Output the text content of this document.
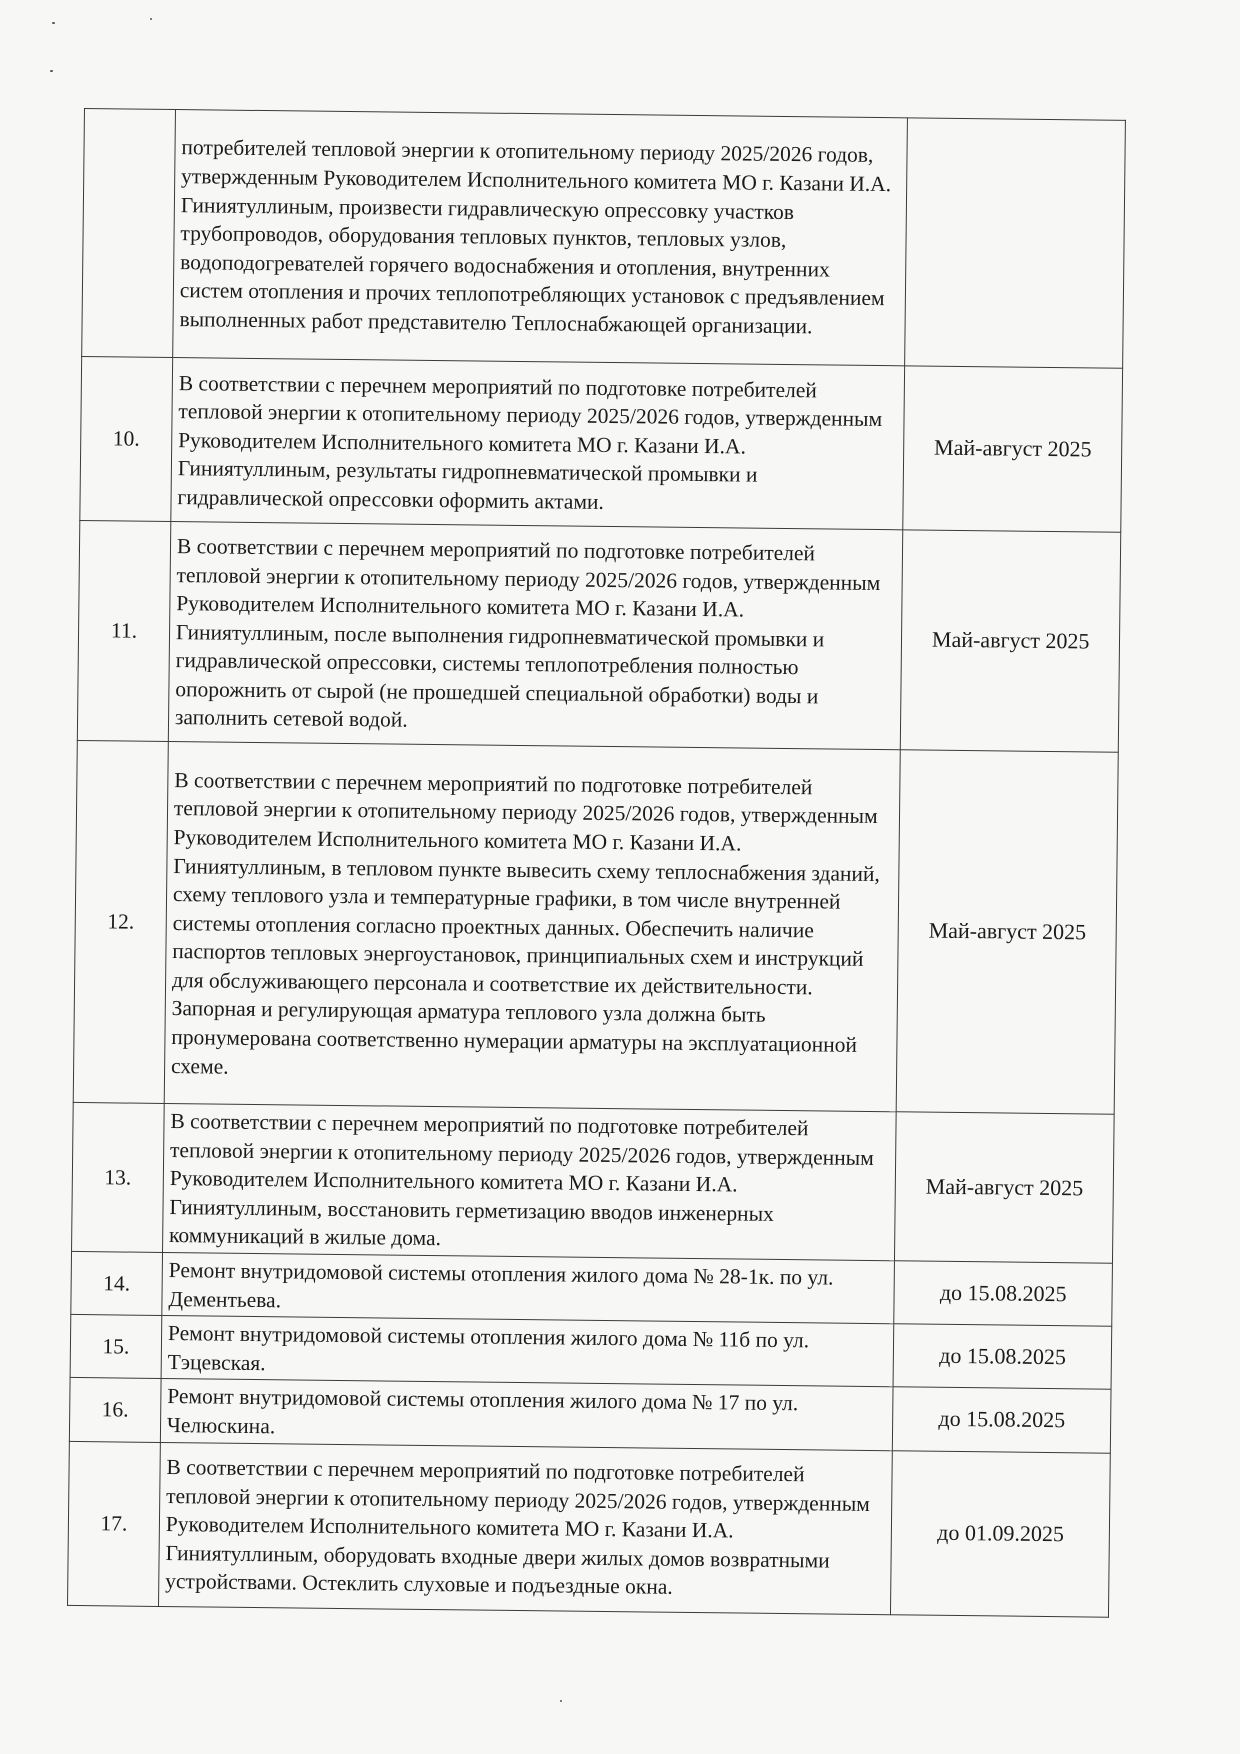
	потребителей тепловой энергии к отопительному периоду 2025/2026 годов, утвержденным Руководителем Исполнительного комитета МО г. Казани И.А. Гиниятуллиным, произвести гидравлическую опрессовку участков трубопроводов, оборудования тепловых пунктов, тепловых узлов, водоподогревателей горячего водоснабжения и отопления, внутренних систем отопления и прочих теплопотребляющих установок с предъявлением выполненных работ представителю Теплоснабжающей организации.	
10.	В соответствии с перечнем мероприятий по подготовке потребителей тепловой энергии к отопительному периоду 2025/2026 годов, утвержденным Руководителем Исполнительного комитета МО г. Казани И.А. Гиниятуллиным, результаты гидропневматической промывки и гидравлической опрессовки оформить актами.	Май-август 2025
11.	В соответствии с перечнем мероприятий по подготовке потребителей тепловой энергии к отопительному периоду 2025/2026 годов, утвержденным Руководителем Исполнительного комитета МО г. Казани И.А. Гиниятуллиным, после выполнения гидропневматической промывки и гидравлической опрессовки, системы теплопотребления полностью опорожнить от сырой (не прошедшей специальной обработки) воды и заполнить сетевой водой.	Май-август 2025
12.	В соответствии с перечнем мероприятий по подготовке потребителей тепловой энергии к отопительному периоду 2025/2026 годов, утвержденным Руководителем Исполнительного комитета МО г. Казани И.А. Гиниятуллиным, в тепловом пункте вывесить схему теплоснабжения зданий, схему теплового узла и температурные графики, в том числе внутренней системы отопления согласно проектных данных. Обеспечить наличие паспортов тепловых энергоустановок, принципиальных схем и инструкций для обслуживающего персонала и соответствие их действительности. Запорная и регулирующая арматура теплового узла должна быть пронумерована соответственно нумерации арматуры на эксплуатационной схеме.	Май-август 2025
13.	В соответствии с перечнем мероприятий по подготовке потребителей тепловой энергии к отопительному периоду 2025/2026 годов, утвержденным Руководителем Исполнительного комитета МО г. Казани И.А. Гиниятуллиным, восстановить герметизацию вводов инженерных коммуникаций в жилые дома.	Май-август 2025
14.	Ремонт внутридомовой системы отопления жилого дома № 28-1к. по ул. Дементьева.	до 15.08.2025
15.	Ремонт внутридомовой системы отопления жилого дома № 11б по ул. Тэцевская.	до 15.08.2025
16.	Ремонт внутридомовой системы отопления жилого дома № 17 по ул. Челюскина.	до 15.08.2025
17.	В соответствии с перечнем мероприятий по подготовке потребителей тепловой энергии к отопительному периоду 2025/2026 годов, утвержденным Руководителем Исполнительного комитета МО г. Казани И.А. Гиниятуллиным, оборудовать входные двери жилых домов возвратными устройствами. Остеклить слуховые и подъездные окна.	до 01.09.2025
